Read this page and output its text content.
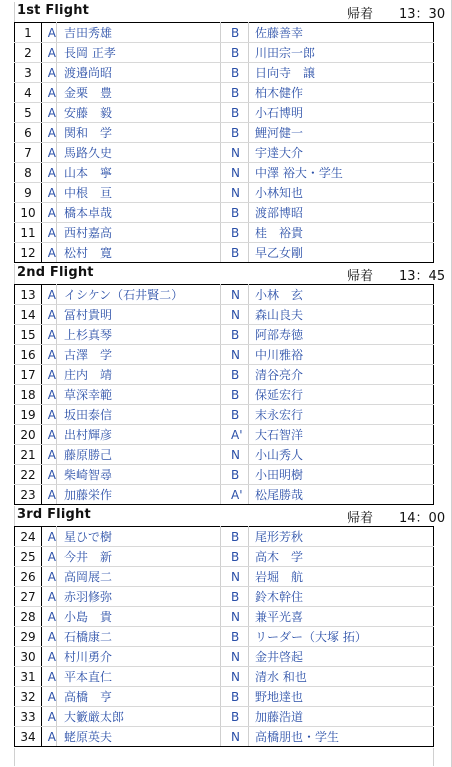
1st Flight	帰着 13：30
1	A	吉田秀雄	B	佐藤善幸
2	A	長岡 正孝	B	川田宗一郎
3	A	渡邉尚昭	B	日向寺　譲
4	A	金栗　豊	B	柏木健作
5	A	安藤　毅	B	小石博明
6	A	関和　学	B	鯉河健一
7	A	馬路久史	N	宇達大介
8	A	山本　寧	N	中澤 裕大・学生
9	A	中根　亘	N	小林知也
10	A	橋本卓哉	B	渡部博昭
11	A	西村嘉高	B	桂　裕貴
12	A	松村　寛	B	早乙女剛
2nd Flight	帰着 13：45
13	A	イシケン（石井賢二）	N	小林　玄
14	A	冨村貴明	N	森山良夫
15	A	上杉真琴	B	阿部寿徳
16	A	古澤　学	N	中川雅裕
17	A	庄内　靖	B	清谷亮介
18	A	草深幸範	B	保延宏行
19	A	坂田泰信	B	末永宏行
20	A	出村輝彦	A'	大石智洋
21	A	藤原勝己	N	小山秀人
22	A	柴崎智尋	B	小田明樹
23	A	加藤栄作	A'	松尾勝哉
3rd Flight	帰着 14：00
24	A	星ひで樹	B	尾形芳秋
25	A	今井　新	B	高木　学
26	A	高岡展二	N	岩堀　航
27	A	赤羽修弥	B	鈴木幹住
28	A	小島　貴	N	兼平光喜
29	A	石橋康二	B	リーダー（大塚 拓）
30	A	村川勇介	N	金井啓起
31	A	平本直仁	N	清水 和也
32	A	高橋　亨	B	野地達也
33	A	大籔厳太郎	B	加藤浩道
34	A	蛯原英夫	N	高橋朋也・学生
